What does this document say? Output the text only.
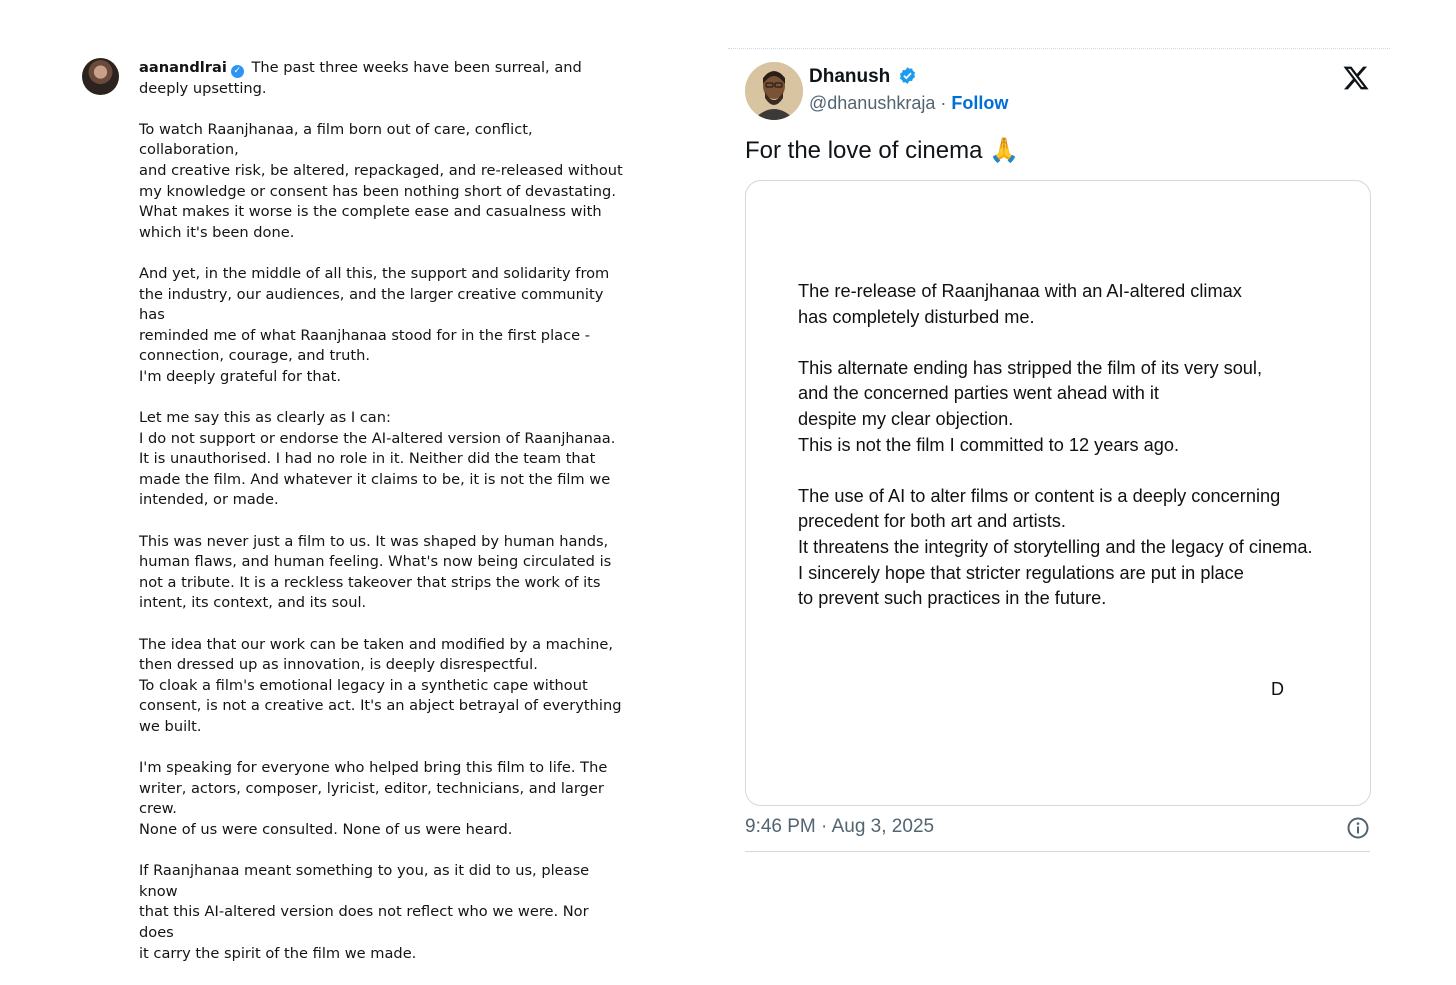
aanandlrai ✓ The past three weeks have been surreal, and deeply upsetting.

To watch Raanjhanaa, a film born out of care, conflict, collaboration,
and creative risk, be altered, repackaged, and re-released without
my knowledge or consent has been nothing short of devastating.
What makes it worse is the complete ease and casualness with
which it's been done.

And yet, in the middle of all this, the support and solidarity from
the industry, our audiences, and the larger creative community has
reminded me of what Raanjhanaa stood for in the first place -
connection, courage, and truth.
I'm deeply grateful for that.

Let me say this as clearly as I can:
I do not support or endorse the AI-altered version of Raanjhanaa.
It is unauthorised. I had no role in it. Neither did the team that
made the film. And whatever it claims to be, it is not the film we
intended, or made.

This was never just a film to us. It was shaped by human hands,
human flaws, and human feeling. What's now being circulated is
not a tribute. It is a reckless takeover that strips the work of its
intent, its context, and its soul.

The idea that our work can be taken and modified by a machine,
then dressed up as innovation, is deeply disrespectful.
To cloak a film's emotional legacy in a synthetic cape without
consent, is not a creative act. It's an abject betrayal of everything
we built.

I'm speaking for everyone who helped bring this film to life. The
writer, actors, composer, lyricist, editor, technicians, and larger crew.
None of us were consulted. None of us were heard.

If Raanjhanaa meant something to you, as it did to us, please know
that this AI-altered version does not reflect who we were. Nor does
it carry the spirit of the film we made.

Dhanush
@dhanushkraja · Follow
For the love of cinema 🙏

The re-release of Raanjhanaa with an AI-altered climax
has completely disturbed me.

This alternate ending has stripped the film of its very soul,
and the concerned parties went ahead with it
despite my clear objection.
This is not the film I committed to 12 years ago.

The use of AI to alter films or content is a deeply concerning
precedent for both art and artists.
It threatens the integrity of storytelling and the legacy of cinema.
I sincerely hope that stricter regulations are put in place
to prevent such practices in the future.

D
9:46 PM · Aug 3, 2025
